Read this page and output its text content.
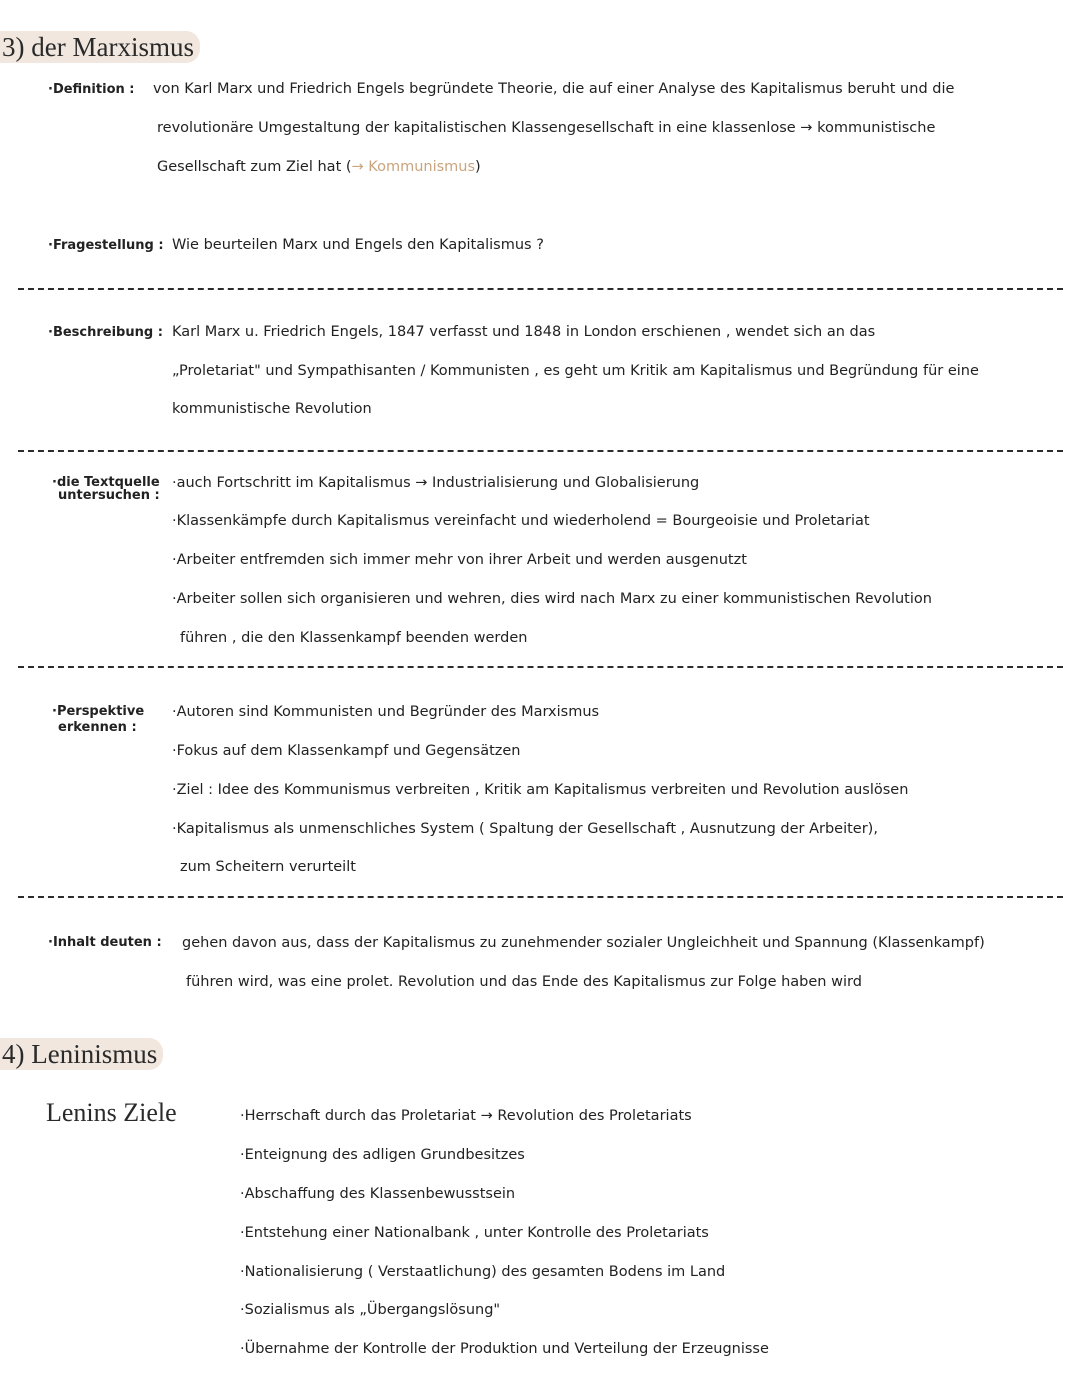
3) der Marxismus
·Definition : von Karl Marx und Friedrich Engels begründete Theorie, die auf einer Analyse des Kapitalismus beruht und die
revolutionäre Umgestaltung der kapitalistischen Klassengesellschaft in eine klassenlose → kommunistische
Gesellschaft zum Ziel hat (→ Kommunismus)
·Fragestellung : Wie beurteilen Marx und Engels den Kapitalismus ?
·Beschreibung : Karl Marx u. Friedrich Engels, 1847 verfasst und 1848 in London erschienen , wendet sich an das
„Proletariat" und Sympathisanten / Kommunisten , es geht um Kritik am Kapitalismus und Begründung für eine
kommunistische Revolution
·die Textquelle
untersuchen :
·auch Fortschritt im Kapitalismus → Industrialisierung und Globalisierung
·Klassenkämpfe durch Kapitalismus vereinfacht und wiederholend = Bourgeoisie und Proletariat
·Arbeiter entfremden sich immer mehr von ihrer Arbeit und werden ausgenutzt
·Arbeiter sollen sich organisieren und wehren, dies wird nach Marx zu einer kommunistischen Revolution
führen , die den Klassenkampf beenden werden
·Perspektive
erkennen :
·Autoren sind Kommunisten und Begründer des Marxismus
·Fokus auf dem Klassenkampf und Gegensätzen
·Ziel : Idee des Kommunismus verbreiten , Kritik am Kapitalismus verbreiten und Revolution auslösen
·Kapitalismus als unmenschliches System ( Spaltung der Gesellschaft , Ausnutzung der Arbeiter),
zum Scheitern verurteilt
·Inhalt deuten : gehen davon aus, dass der Kapitalismus zu zunehmender sozialer Ungleichheit und Spannung (Klassenkampf)
führen wird, was eine prolet. Revolution und das Ende des Kapitalismus zur Folge haben wird
4) Leninismus
Lenins Ziele	·Herrschaft durch das Proletariat → Revolution des Proletariats
·Enteignung des adligen Grundbesitzes
·Abschaffung des Klassenbewusstsein
·Entstehung einer Nationalbank , unter Kontrolle des Proletariats
·Nationalisierung ( Verstaatlichung) des gesamten Bodens im Land
·Sozialismus als „Übergangslösung"
·Übernahme der Kontrolle der Produktion und Verteilung der Erzeugnisse
